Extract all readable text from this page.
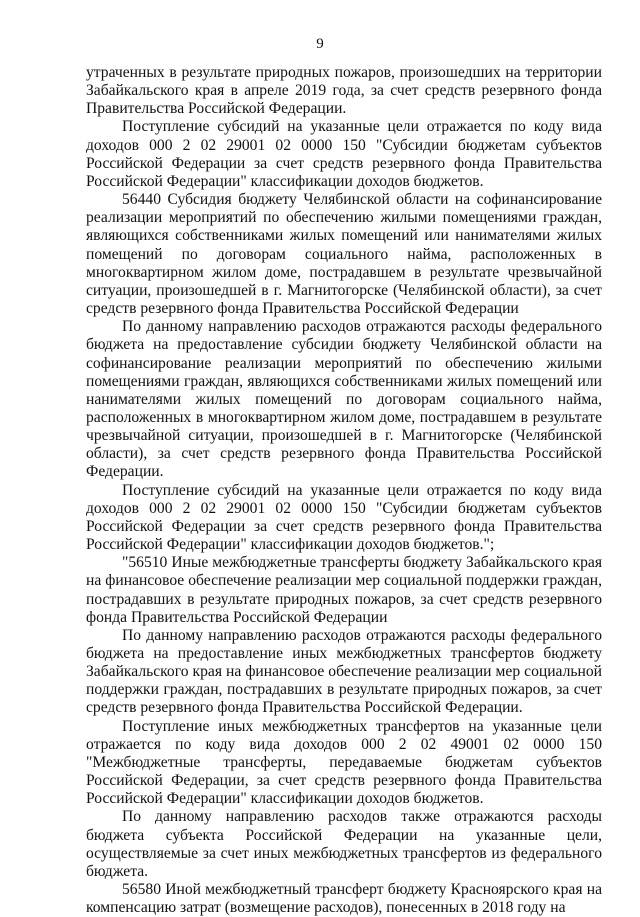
9

утраченных в результате природных пожаров, произошедших на территории Забайкальского края в апреле 2019 года, за счет средств резервного фонда Правительства Российской Федерации.

Поступление субсидий на указанные цели отражается по коду вида доходов 000 2 02 29001 02 0000 150 "Субсидии бюджетам субъектов Российской Федерации за счет средств резервного фонда Правительства Российской Федерации" классификации доходов бюджетов.

56440 Субсидия бюджету Челябинской области на софинансирование реализации мероприятий по обеспечению жилыми помещениями граждан, являющихся собственниками жилых помещений или нанимателями жилых помещений по договорам социального найма, расположенных в многоквартирном жилом доме, пострадавшем в результате чрезвычайной ситуации, произошедшей в г. Магнитогорске (Челябинской области), за счет средств резервного фонда Правительства Российской Федерации

По данному направлению расходов отражаются расходы федерального бюджета на предоставление субсидии бюджету Челябинской области на софинансирование реализации мероприятий по обеспечению жилыми помещениями граждан, являющихся собственниками жилых помещений или нанимателями жилых помещений по договорам социального найма, расположенных в многоквартирном жилом доме, пострадавшем в результате чрезвычайной ситуации, произошедшей в г. Магнитогорске (Челябинской области), за счет средств резервного фонда Правительства Российской Федерации.

Поступление субсидий на указанные цели отражается по коду вида доходов 000 2 02 29001 02 0000 150 "Субсидии бюджетам субъектов Российской Федерации за счет средств резервного фонда Правительства Российской Федерации" классификации доходов бюджетов.";

"56510 Иные межбюджетные трансферты бюджету Забайкальского края на финансовое обеспечение реализации мер социальной поддержки граждан, пострадавших в результате природных пожаров, за счет средств резервного фонда Правительства Российской Федерации

По данному направлению расходов отражаются расходы федерального бюджета на предоставление иных межбюджетных трансфертов бюджету Забайкальского края на финансовое обеспечение реализации мер социальной поддержки граждан, пострадавших в результате природных пожаров, за счет средств резервного фонда Правительства Российской Федерации.

Поступление иных межбюджетных трансфертов на указанные цели отражается по коду вида доходов 000 2 02 49001 02 0000 150 "Межбюджетные трансферты, передаваемые бюджетам субъектов Российской Федерации, за счет средств резервного фонда Правительства Российской Федерации" классификации доходов бюджетов.

По данному направлению расходов также отражаются расходы бюджета субъекта Российской Федерации на указанные цели, осуществляемые за счет иных межбюджетных трансфертов из федерального бюджета.

56580 Иной межбюджетный трансферт бюджету Красноярского края на компенсацию затрат (возмещение расходов), понесенных в 2018 году на
